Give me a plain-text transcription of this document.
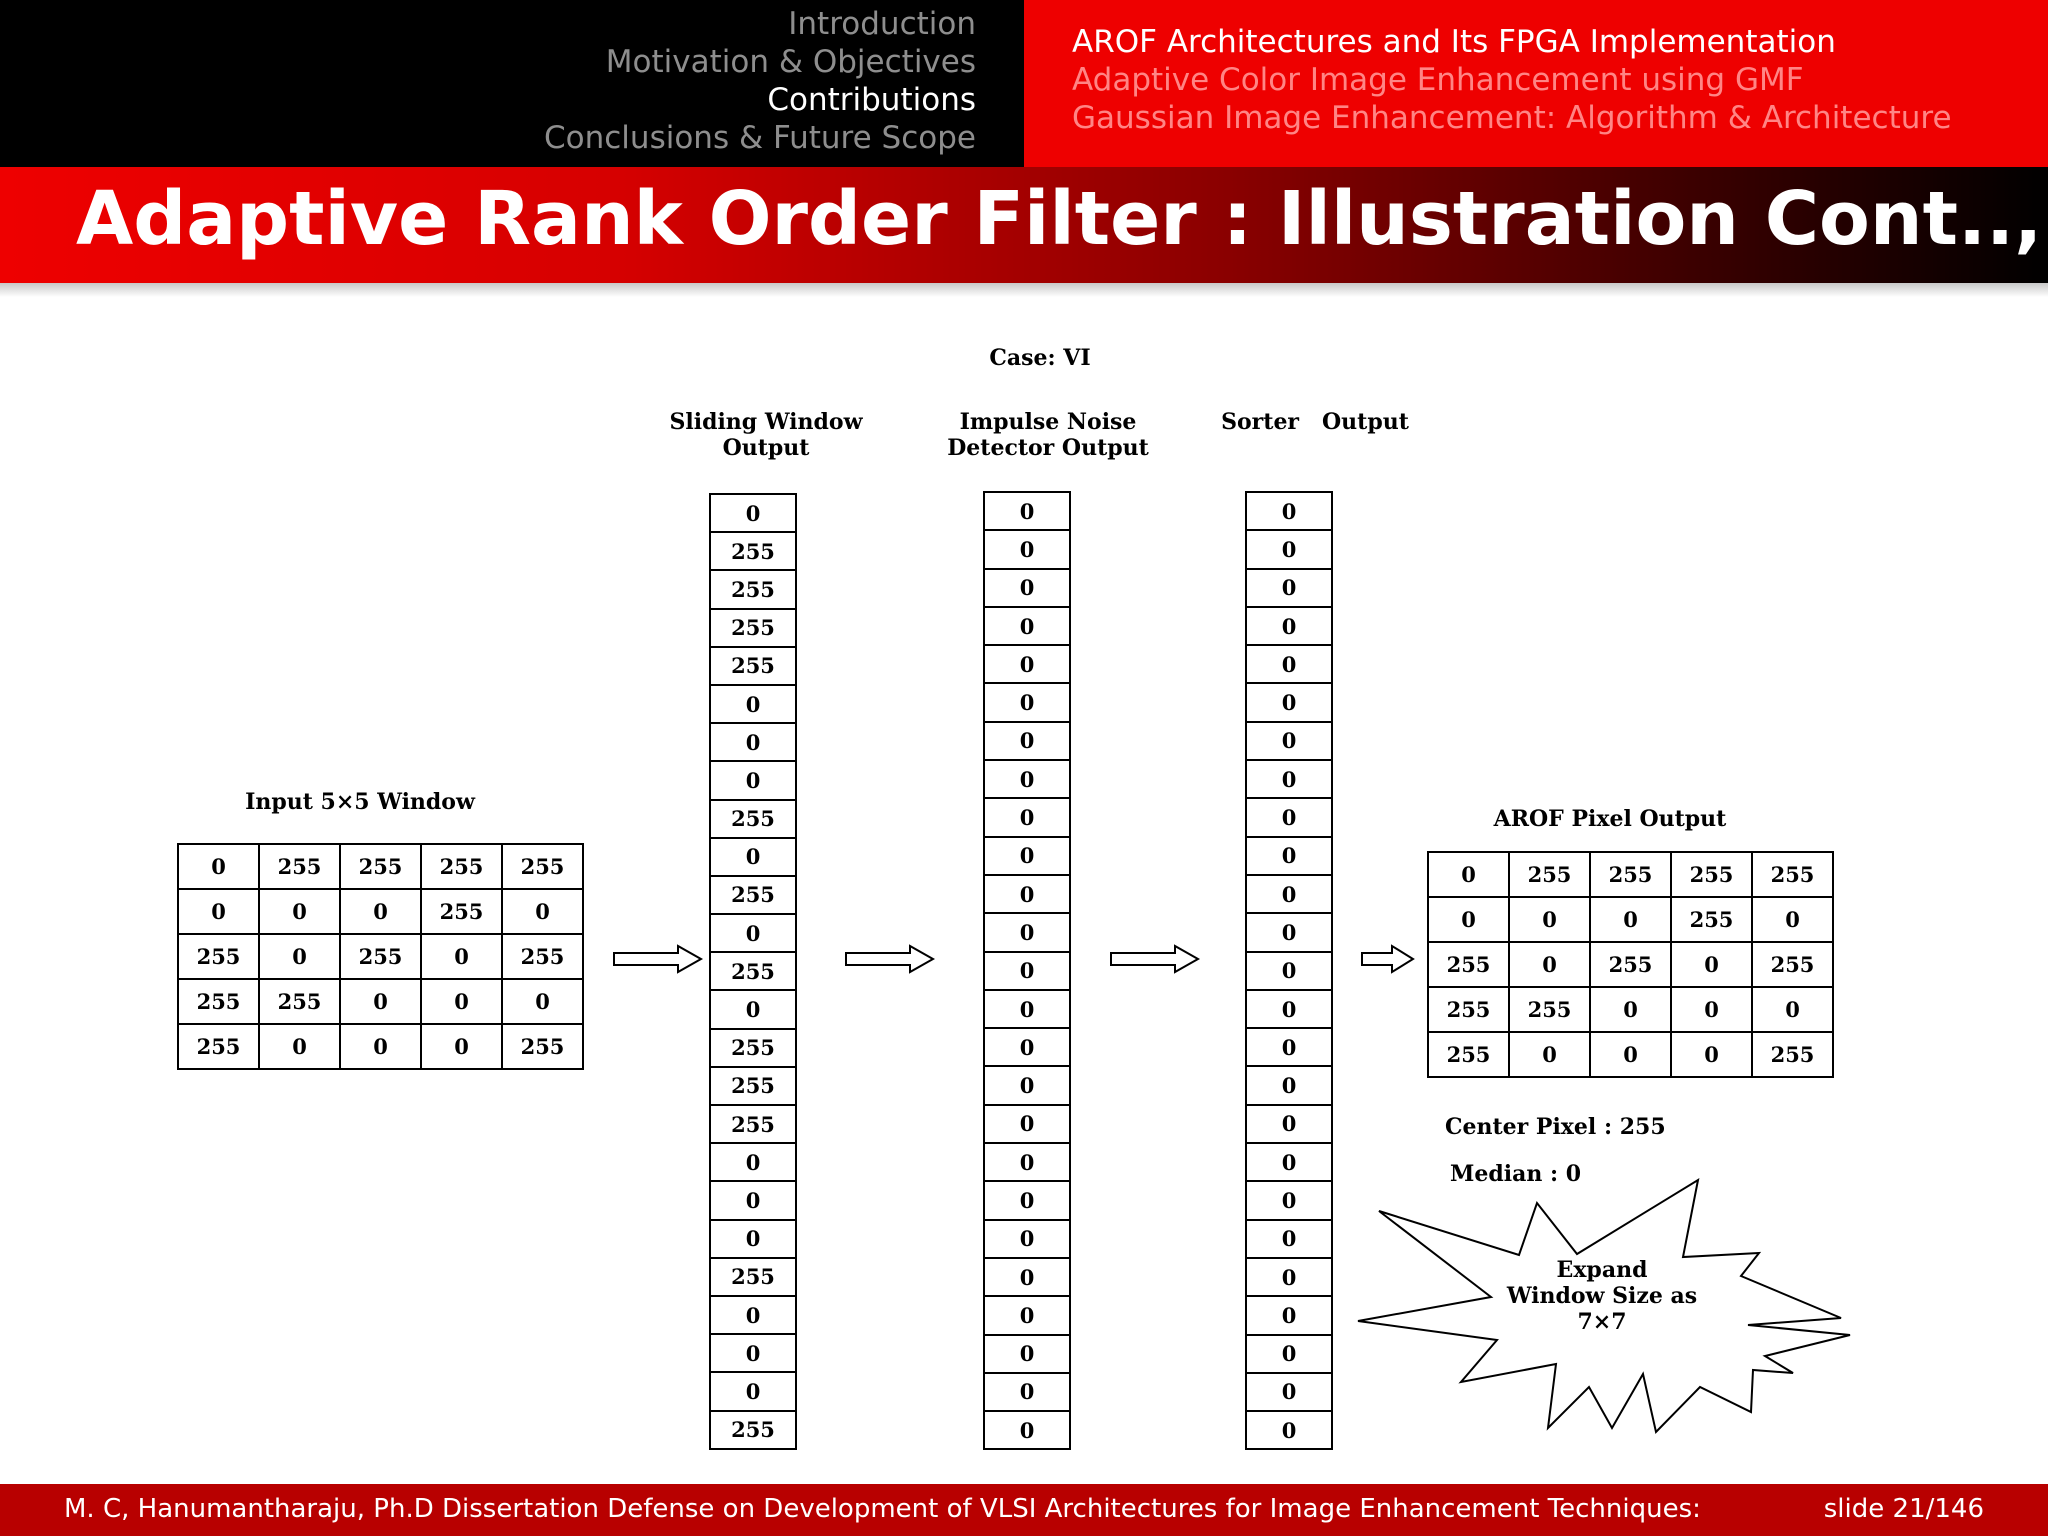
Introduction
Motivation & Objectives
Contributions
Conclusions & Future Scope
AROF Architectures and Its FPGA Implementation
Adaptive Color Image Enhancement using GMF
Gaussian Image Enhancement: Algorithm & Architecture
Adaptive Rank Order Filter : Illustration Cont..,
Case: VI
Sliding Window
Output
Impulse Noise
Detector Output
Sorter   Output
Input 5×5 Window
AROF Pixel Output
0	255	255	255	255
0	0	0	255	0
255	0	255	0	255
255	255	0	0	0
255	0	0	0	255
0	255	255	255	255
0	0	0	255	0
255	0	255	0	255
255	255	0	0	0
255	0	0	0	255
0
255
255
255
255
0
0
0
255
0
255
0
255
0
255
255
255
0
0
0
255
0
0
0
255
0
0
0
0
0
0
0
0
0
0
0
0
0
0
0
0
0
0
0
0
0
0
0
0
0
0
0
0
0
0
0
0
0
0
0
0
0
0
0
0
0
0
0
0
0
0
0
0
0
0
Center Pixel : 255
Median : 0
Expand
Window Size as
7×7
M. C, Hanumantharaju, Ph.D Dissertation Defense on Development of VLSI Architectures for Image Enhancement Techniques:	slide 21/146
